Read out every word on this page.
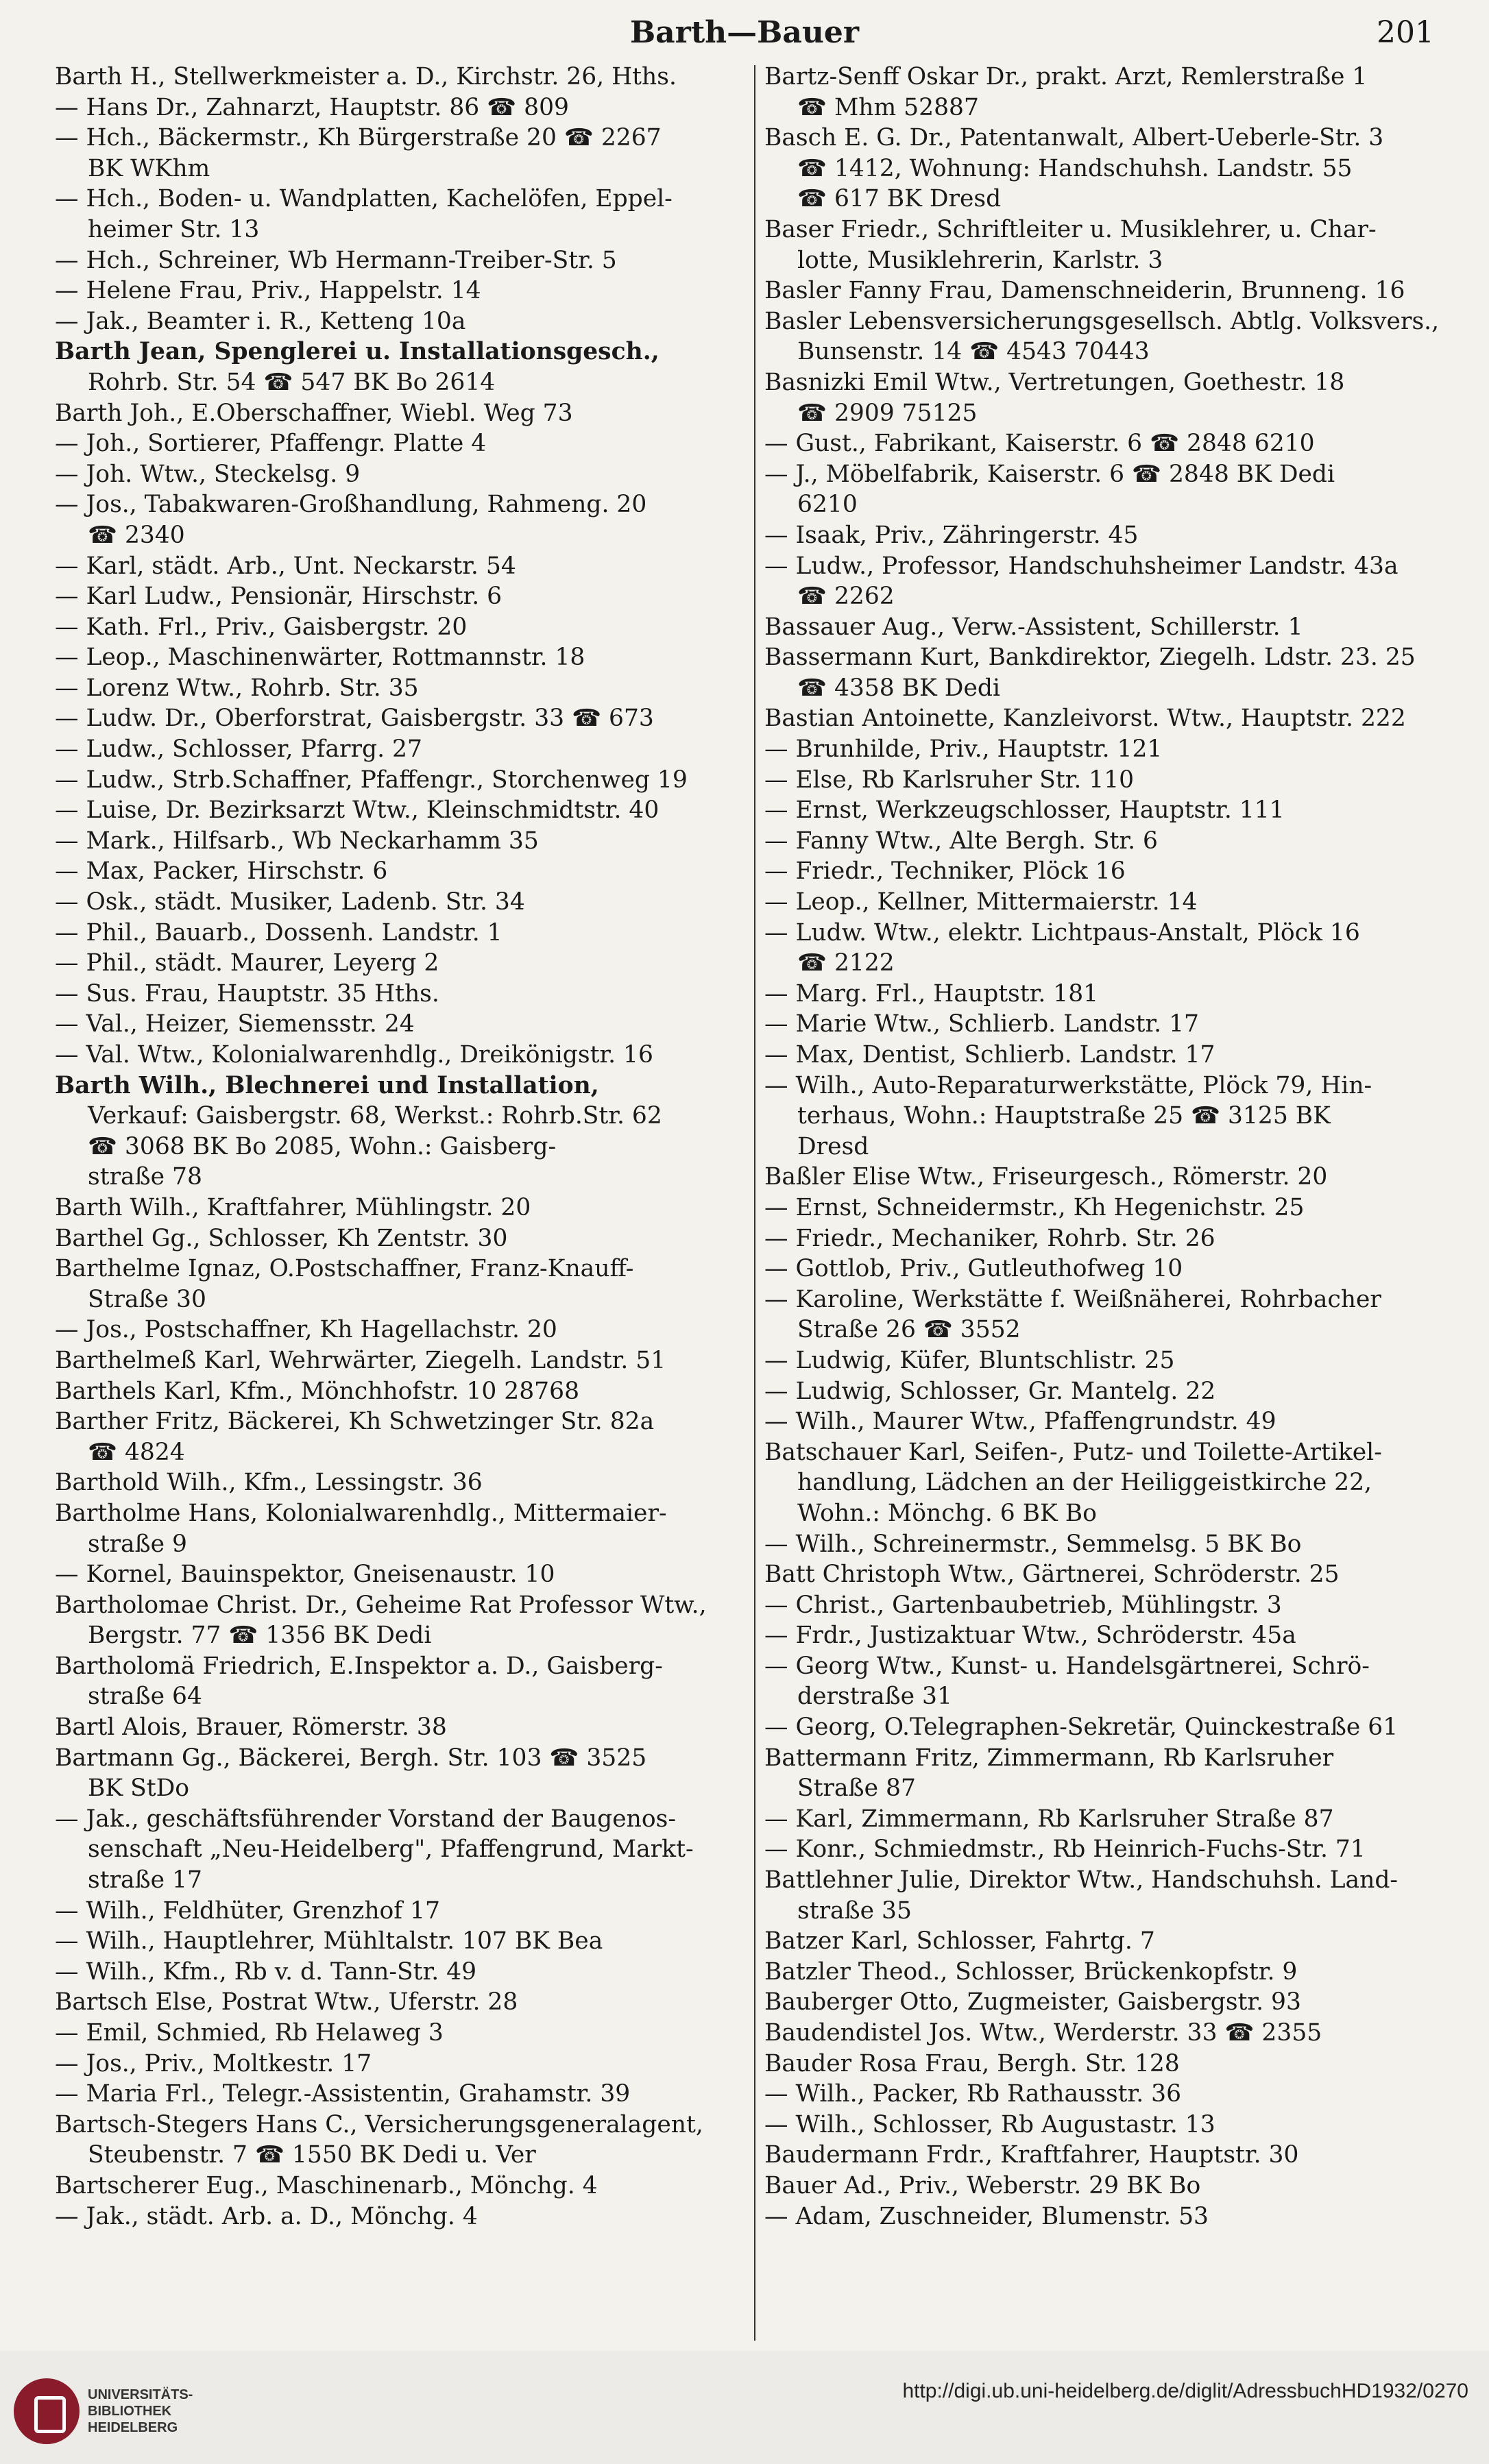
Barth—Bauer	201
Barth H., Stellwerkmeister a. D., Kirchstr. 26, Hths.
— Hans Dr., Zahnarzt, Hauptstr. 86 ☎ 809
— Hch., Bäckermstr., Kh Bürgerstraße 20 ☎ 2267
BK WKhm
— Hch., Boden- u. Wandplatten, Kachelöfen, Eppel-
heimer Str. 13
— Hch., Schreiner, Wb Hermann-Treiber-Str. 5
— Helene Frau, Priv., Happelstr. 14
— Jak., Beamter i. R., Ketteng 10a
Barth Jean, Spenglerei u. Installationsgesch.,
Rohrb. Str. 54 ☎ 547 BK Bo 2614
Barth Joh., E.Oberschaffner, Wiebl. Weg 73
— Joh., Sortierer, Pfaffengr. Platte 4
— Joh. Wtw., Steckelsg. 9
— Jos., Tabakwaren-Großhandlung, Rahmeng. 20
☎ 2340
— Karl, städt. Arb., Unt. Neckarstr. 54
— Karl Ludw., Pensionär, Hirschstr. 6
— Kath. Frl., Priv., Gaisbergstr. 20
— Leop., Maschinenwärter, Rottmannstr. 18
— Lorenz Wtw., Rohrb. Str. 35
— Ludw. Dr., Oberforstrat, Gaisbergstr. 33 ☎ 673
— Ludw., Schlosser, Pfarrg. 27
— Ludw., Strb.Schaffner, Pfaffengr., Storchenweg 19
— Luise, Dr. Bezirksarzt Wtw., Kleinschmidtstr. 40
— Mark., Hilfsarb., Wb Neckarhamm 35
— Max, Packer, Hirschstr. 6
— Osk., städt. Musiker, Ladenb. Str. 34
— Phil., Bauarb., Dossenh. Landstr. 1
— Phil., städt. Maurer, Leyerg 2
— Sus. Frau, Hauptstr. 35 Hths.
— Val., Heizer, Siemensstr. 24
— Val. Wtw., Kolonialwarenhdlg., Dreikönigstr. 16
Barth Wilh., Blechnerei und Installation,
Verkauf: Gaisbergstr. 68, Werkst.: Rohrb.Str. 62
☎ 3068 BK Bo 2085, Wohn.: Gaisberg-
straße 78
Barth Wilh., Kraftfahrer, Mühlingstr. 20
Barthel Gg., Schlosser, Kh Zentstr. 30
Barthelme Ignaz, O.Postschaffner, Franz-Knauff-
Straße 30
— Jos., Postschaffner, Kh Hagellachstr. 20
Barthelmeß Karl, Wehrwärter, Ziegelh. Landstr. 51
Barthels Karl, Kfm., Mönchhofstr. 10 28768
Barther Fritz, Bäckerei, Kh Schwetzinger Str. 82a
☎ 4824
Barthold Wilh., Kfm., Lessingstr. 36
Bartholme Hans, Kolonialwarenhdlg., Mittermaier-
straße 9
— Kornel, Bauinspektor, Gneisenaustr. 10
Bartholomae Christ. Dr., Geheime Rat Professor Wtw.,
Bergstr. 77 ☎ 1356 BK Dedi
Bartholomä Friedrich, E.Inspektor a. D., Gaisberg-
straße 64
Bartl Alois, Brauer, Römerstr. 38
Bartmann Gg., Bäckerei, Bergh. Str. 103 ☎ 3525
BK StDo
— Jak., geschäftsführender Vorstand der Baugenos-
senschaft „Neu-Heidelberg", Pfaffengrund, Markt-
straße 17
— Wilh., Feldhüter, Grenzhof 17
— Wilh., Hauptlehrer, Mühltalstr. 107 BK Bea
— Wilh., Kfm., Rb v. d. Tann-Str. 49
Bartsch Else, Postrat Wtw., Uferstr. 28
— Emil, Schmied, Rb Helaweg 3
— Jos., Priv., Moltkestr. 17
— Maria Frl., Telegr.-Assistentin, Grahamstr. 39
Bartsch-Stegers Hans C., Versicherungsgeneralagent,
Steubenstr. 7 ☎ 1550 BK Dedi u. Ver
Bartscherer Eug., Maschinenarb., Mönchg. 4
— Jak., städt. Arb. a. D., Mönchg. 4
Bartz-Senff Oskar Dr., prakt. Arzt, Remlerstraße 1
☎ Mhm 52887
Basch E. G. Dr., Patentanwalt, Albert-Ueberle-Str. 3
☎ 1412, Wohnung: Handschuhsh. Landstr. 55
☎ 617 BK Dresd
Baser Friedr., Schriftleiter u. Musiklehrer, u. Char-
lotte, Musiklehrerin, Karlstr. 3
Basler Fanny Frau, Damenschneiderin, Brunneng. 16
Basler Lebensversicherungsgesellsch. Abtlg. Volksvers.,
Bunsenstr. 14 ☎ 4543 70443
Basnizki Emil Wtw., Vertretungen, Goethestr. 18
☎ 2909 75125
— Gust., Fabrikant, Kaiserstr. 6 ☎ 2848 6210
— J., Möbelfabrik, Kaiserstr. 6 ☎ 2848 BK Dedi
6210
— Isaak, Priv., Zähringerstr. 45
— Ludw., Professor, Handschuhsheimer Landstr. 43a
☎ 2262
Bassauer Aug., Verw.-Assistent, Schillerstr. 1
Bassermann Kurt, Bankdirektor, Ziegelh. Ldstr. 23. 25
☎ 4358 BK Dedi
Bastian Antoinette, Kanzleivorst. Wtw., Hauptstr. 222
— Brunhilde, Priv., Hauptstr. 121
— Else, Rb Karlsruher Str. 110
— Ernst, Werkzeugschlosser, Hauptstr. 111
— Fanny Wtw., Alte Bergh. Str. 6
— Friedr., Techniker, Plöck 16
— Leop., Kellner, Mittermaierstr. 14
— Ludw. Wtw., elektr. Lichtpaus-Anstalt, Plöck 16
☎ 2122
— Marg. Frl., Hauptstr. 181
— Marie Wtw., Schlierb. Landstr. 17
— Max, Dentist, Schlierb. Landstr. 17
— Wilh., Auto-Reparaturwerkstätte, Plöck 79, Hin-
terhaus, Wohn.: Hauptstraße 25 ☎ 3125 BK
Dresd
Baßler Elise Wtw., Friseurgesch., Römerstr. 20
— Ernst, Schneidermstr., Kh Hegenichstr. 25
— Friedr., Mechaniker, Rohrb. Str. 26
— Gottlob, Priv., Gutleuthofweg 10
— Karoline, Werkstätte f. Weißnäherei, Rohrbacher
Straße 26 ☎ 3552
— Ludwig, Küfer, Bluntschlistr. 25
— Ludwig, Schlosser, Gr. Mantelg. 22
— Wilh., Maurer Wtw., Pfaffengrundstr. 49
Batschauer Karl, Seifen-, Putz- und Toilette-Artikel-
handlung, Lädchen an der Heiliggeistkirche 22,
Wohn.: Mönchg. 6 BK Bo
— Wilh., Schreinermstr., Semmelsg. 5 BK Bo
Batt Christoph Wtw., Gärtnerei, Schröderstr. 25
— Christ., Gartenbaubetrieb, Mühlingstr. 3
— Frdr., Justizaktuar Wtw., Schröderstr. 45a
— Georg Wtw., Kunst- u. Handelsgärtnerei, Schrö-
derstraße 31
— Georg, O.Telegraphen-Sekretär, Quinckestraße 61
Battermann Fritz, Zimmermann, Rb Karlsruher
Straße 87
— Karl, Zimmermann, Rb Karlsruher Straße 87
— Konr., Schmiedmstr., Rb Heinrich-Fuchs-Str. 71
Battlehner Julie, Direktor Wtw., Handschuhsh. Land-
straße 35
Batzer Karl, Schlosser, Fahrtg. 7
Batzler Theod., Schlosser, Brückenkopfstr. 9
Bauberger Otto, Zugmeister, Gaisbergstr. 93
Baudendistel Jos. Wtw., Werderstr. 33 ☎ 2355
Bauder Rosa Frau, Bergh. Str. 128
— Wilh., Packer, Rb Rathausstr. 36
— Wilh., Schlosser, Rb Augustastr. 13
Baudermann Frdr., Kraftfahrer, Hauptstr. 30
Bauer Ad., Priv., Weberstr. 29 BK Bo
— Adam, Zuschneider, Blumenstr. 53
UNIVERSITÄTS-
BIBLIOTHEK
HEIDELBERG
http://digi.ub.uni-heidelberg.de/diglit/AdressbuchHD1932/0270
